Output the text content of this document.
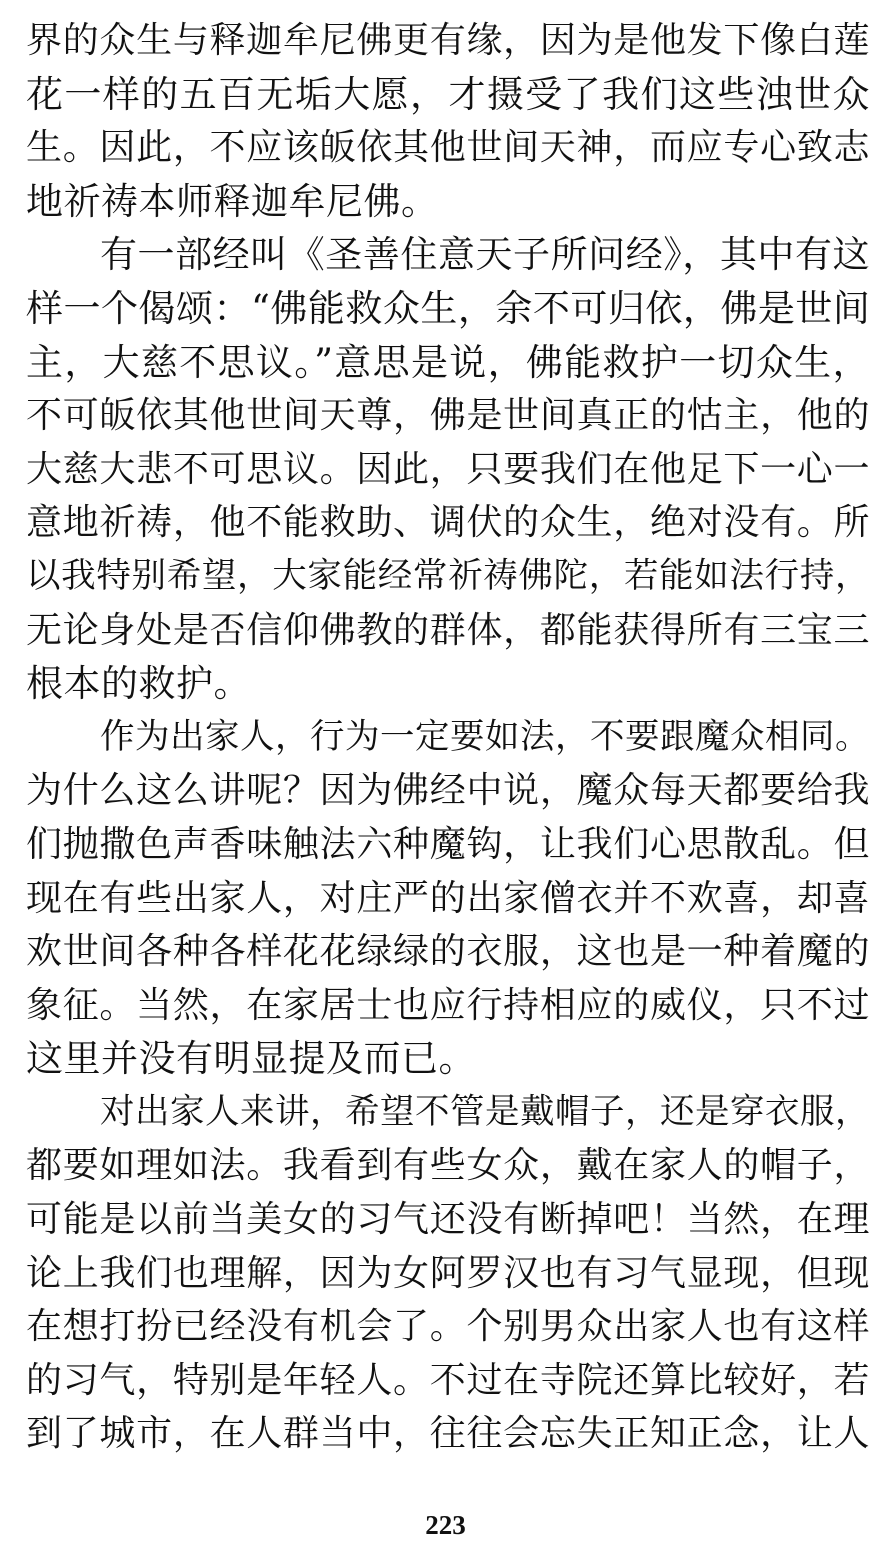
界的众生与释迦牟尼佛更有缘，因为是他发下像白莲
花一样的五百无垢大愿，才摄受了我们这些浊世众
生。因此，不应该皈依其他世间天神，而应专心致志
地祈祷本师释迦牟尼佛。
有一部经叫《圣善住意天子所问经》，其中有这
样一个偈颂：“佛能救众生，余不可归依，佛是世间
主，大慈不思议。”意思是说，佛能救护一切众生，
不可皈依其他世间天尊，佛是世间真正的怙主，他的
大慈大悲不可思议。因此，只要我们在他足下一心一
意地祈祷，他不能救助、调伏的众生，绝对没有。所
以我特别希望，大家能经常祈祷佛陀，若能如法行持，
无论身处是否信仰佛教的群体，都能获得所有三宝三
根本的救护。
作为出家人，行为一定要如法，不要跟魔众相同。
为什么这么讲呢？因为佛经中说，魔众每天都要给我
们抛撒色声香味触法六种魔钩，让我们心思散乱。但
现在有些出家人，对庄严的出家僧衣并不欢喜，却喜
欢世间各种各样花花绿绿的衣服，这也是一种着魔的
象征。当然，在家居士也应行持相应的威仪，只不过
这里并没有明显提及而已。
对出家人来讲，希望不管是戴帽子，还是穿衣服，
都要如理如法。我看到有些女众，戴在家人的帽子，
可能是以前当美女的习气还没有断掉吧！当然，在理
论上我们也理解，因为女阿罗汉也有习气显现，但现
在想打扮已经没有机会了。个别男众出家人也有这样
的习气，特别是年轻人。不过在寺院还算比较好，若
到了城市，在人群当中，往往会忘失正知正念，让人
223
